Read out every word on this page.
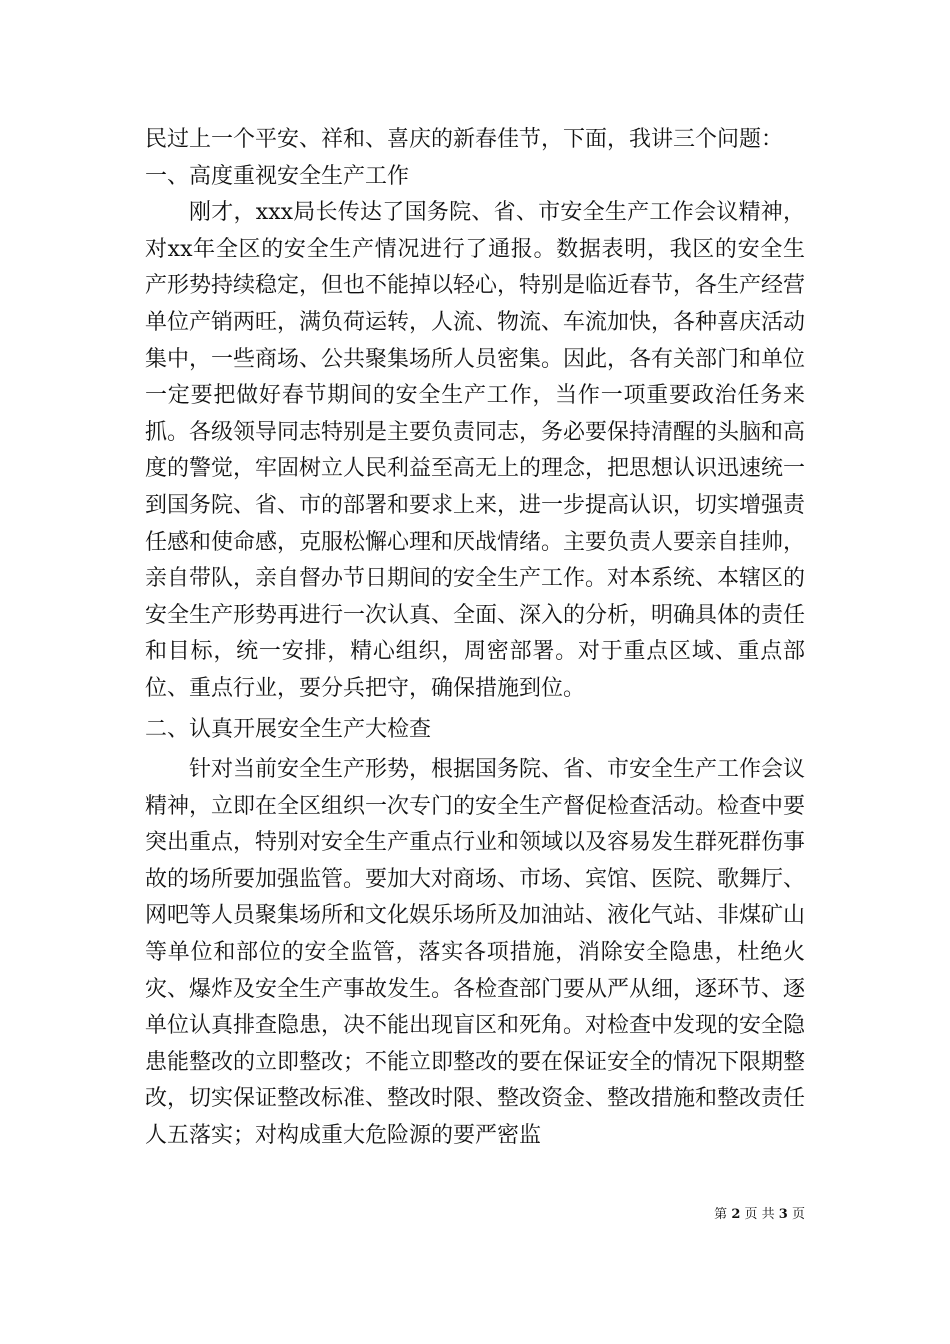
民过上一个平安、祥和、喜庆的新春佳节，下面，我讲三个问题：

一、高度重视安全生产工作

刚才，xxx局长传达了国务院、省、市安全生产工作会议精神，对xx年全区的安全生产情况进行了通报。数据表明，我区的安全生产形势持续稳定，但也不能掉以轻心，特别是临近春节，各生产经营单位产销两旺，满负荷运转，人流、物流、车流加快，各种喜庆活动集中，一些商场、公共聚集场所人员密集。因此，各有关部门和单位一定要把做好春节期间的安全生产工作，当作一项重要政治任务来抓。各级领导同志特别是主要负责同志，务必要保持清醒的头脑和高度的警觉，牢固树立人民利益至高无上的理念，把思想认识迅速统一到国务院、省、市的部署和要求上来，进一步提高认识，切实增强责任感和使命感，克服松懈心理和厌战情绪。主要负责人要亲自挂帅，亲自带队，亲自督办节日期间的安全生产工作。对本系统、本辖区的安全生产形势再进行一次认真、全面、深入的分析，明确具体的责任和目标，统一安排，精心组织，周密部署。对于重点区域、重点部位、重点行业，要分兵把守，确保措施到位。

二、认真开展安全生产大检查

针对当前安全生产形势，根据国务院、省、市安全生产工作会议精神，立即在全区组织一次专门的安全生产督促检查活动。检查中要突出重点，特别对安全生产重点行业和领域以及容易发生群死群伤事故的场所要加强监管。要加大对商场、市场、宾馆、医院、歌舞厅、网吧等人员聚集场所和文化娱乐场所及加油站、液化气站、非煤矿山等单位和部位的安全监管，落实各项措施，消除安全隐患，杜绝火灾、爆炸及安全生产事故发生。各检查部门要从严从细，逐环节、逐单位认真排查隐患，决不能出现盲区和死角。对检查中发现的安全隐患能整改的立即整改；不能立即整改的要在保证安全的情况下限期整改，切实保证整改标准、整改时限、整改资金、整改措施和整改责任人五落实；对构成重大危险源的要严密监

第 2 页 共 3 页
